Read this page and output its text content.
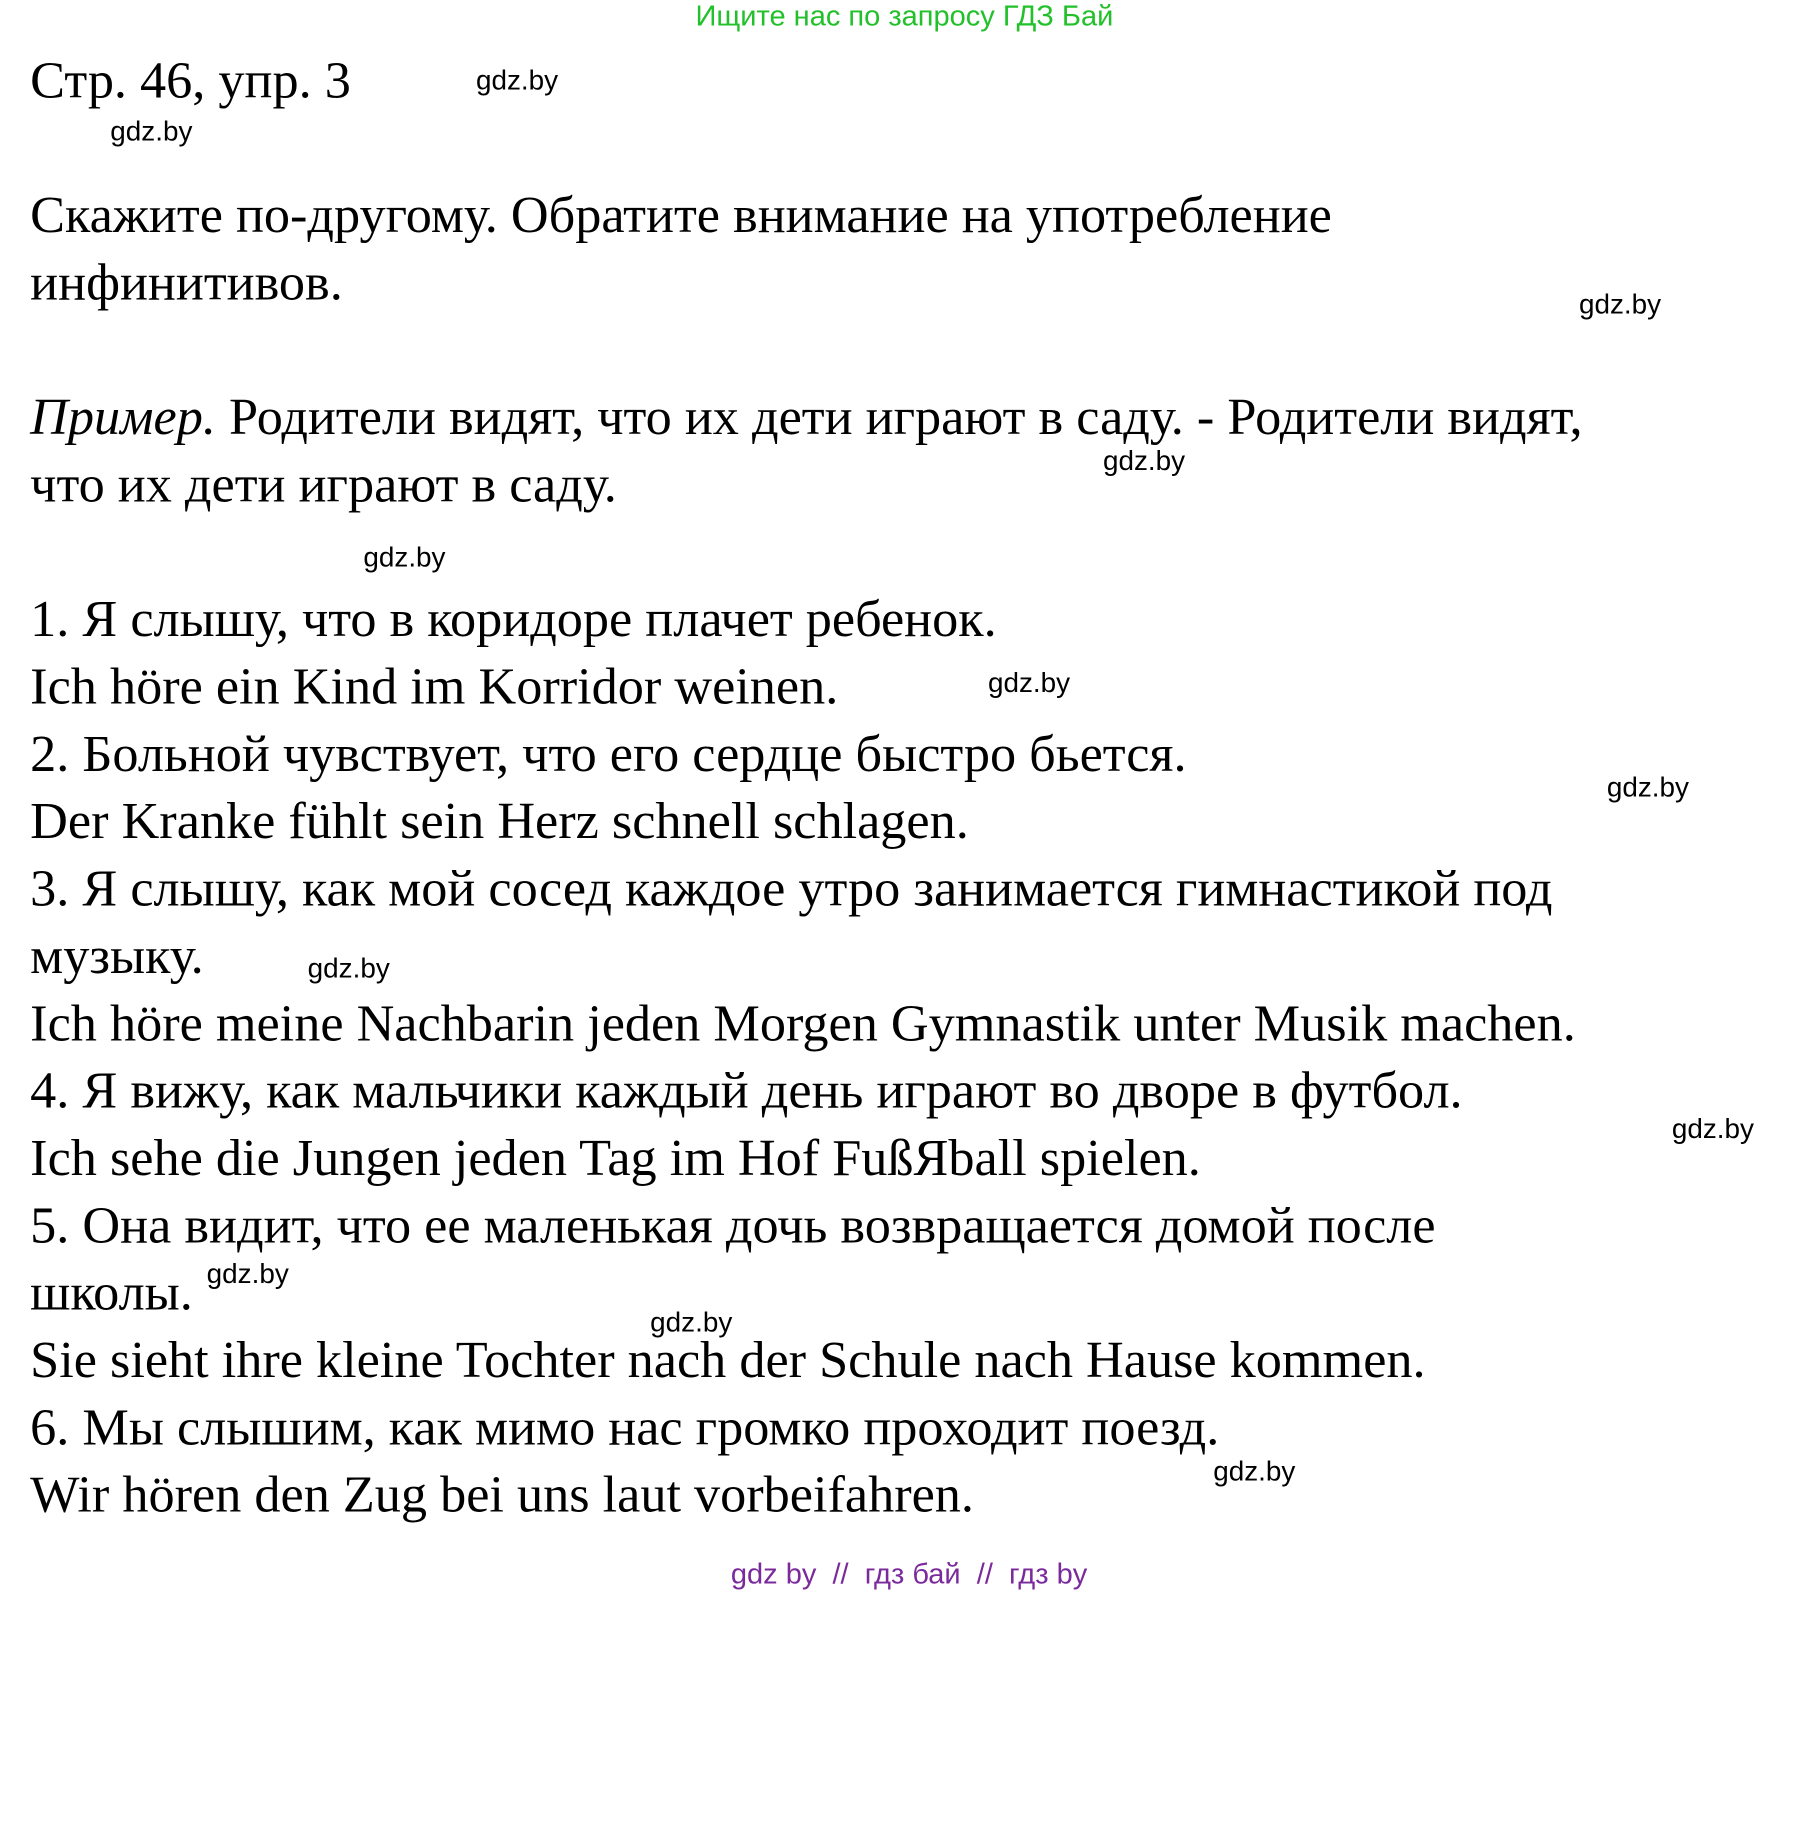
Ищите нас по запросу ГДЗ Бай
Стр. 46, упр. 3
Скажите по-другому. Обратите внимание на употребление
инфинитивов.
Пример. Родители видят, что их дети играют в саду. - Родители видят,
что их дети играют в саду.
1. Я слышу, что в коридоре плачет ребенок.
Ich höre ein Kind im Korridor weinen.
2. Больной чувствует, что его сердце быстро бьется.
Der Kranke fühlt sein Herz schnell schlagen.
3. Я слышу, как мой сосед каждое утро занимается гимнастикой под
музыку.
Ich höre meine Nachbarin jeden Morgen Gymnastik unter Musik machen.
4. Я вижу, как мальчики каждый день играют во дворе в футбол.
Ich sehe die Jungen jeden Tag im Hof FußЯball spielen.
5. Она видит, что ее маленькая дочь возвращается домой после
школы.
Sie sieht ihre kleine Tochter nach der Schule nach Hause kommen.
6. Мы слышим, как мимо нас громко проходит поезд.
Wir hören den Zug bei uns laut vorbeifahren.
gdz.by
gdz.by
gdz.by
gdz.by
gdz.by
gdz.by
gdz.by
gdz.by
gdz.by
gdz.by
gdz.by
gdz.by
gdz by  //  гдз бай  //  гдз by
